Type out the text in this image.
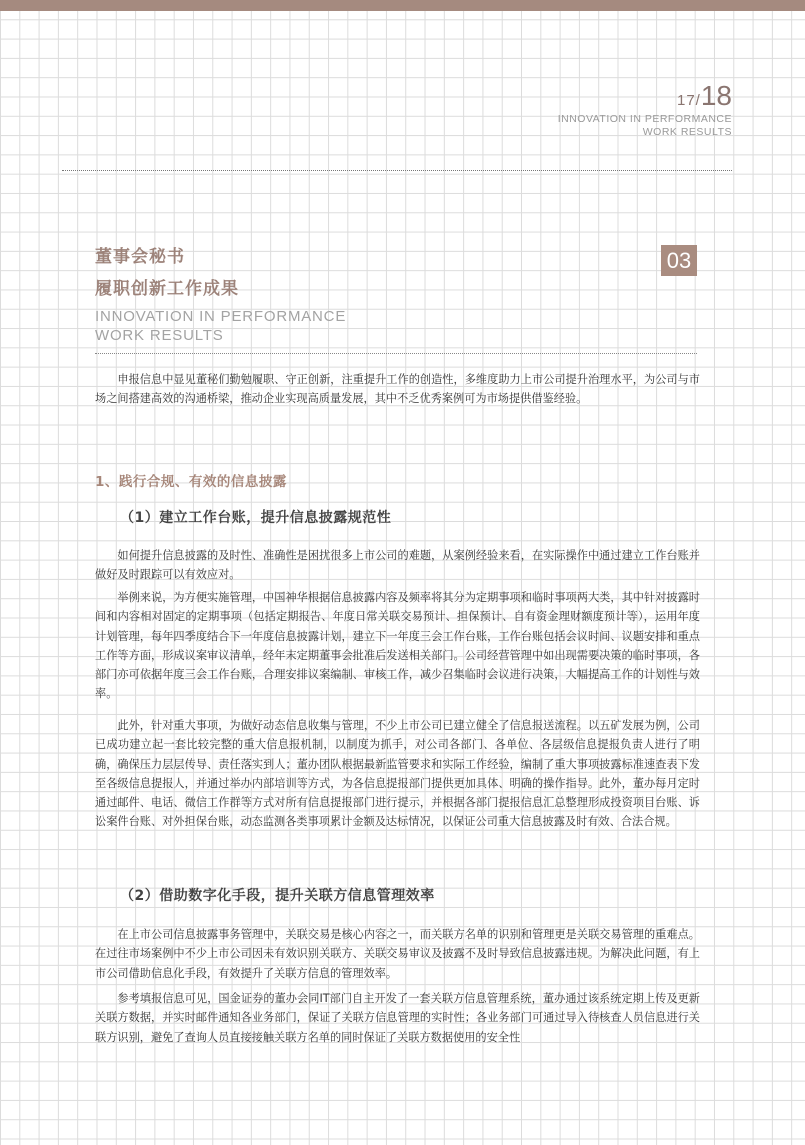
17/18
INNOVATION IN PERFORMANCE
WORK RESULTS
董事会秘书
履职创新工作成果
03
INNOVATION IN PERFORMANCE
WORK RESULTS

申报信息中显见董秘们勤勉履职、守正创新，注重提升工作的创造性，多维度助力上市公司提升治理水平，为公司与市场之间搭建高效的沟通桥梁，推动企业实现高质量发展，其中不乏优秀案例可为市场提供借鉴经验。

1、践行合规、有效的信息披露
（1）建立工作台账，提升信息披露规范性

如何提升信息披露的及时性、准确性是困扰很多上市公司的难题，从案例经验来看，在实际操作中通过建立工作台账并做好及时跟踪可以有效应对。

举例来说，为方便实施管理，中国神华根据信息披露内容及频率将其分为定期事项和临时事项两大类，其中针对披露时间和内容相对固定的定期事项（包括定期报告、年度日常关联交易预计、担保预计、自有资金理财额度预计等），运用年度计划管理，每年四季度结合下一年度信息披露计划，建立下一年度三会工作台账，工作台账包括会议时间、议题安排和重点工作等方面，形成议案审议清单，经年末定期董事会批准后发送相关部门。公司经营管理中如出现需要决策的临时事项，各部门亦可依据年度三会工作台账，合理安排议案编制、审核工作，减少召集临时会议进行决策，大幅提高工作的计划性与效率。

此外，针对重大事项，为做好动态信息收集与管理，不少上市公司已建立健全了信息报送流程。以五矿发展为例，公司已成功建立起一套比较完整的重大信息报机制，以制度为抓手，对公司各部门、各单位、各层级信息提报负责人进行了明确，确保压力层层传导、责任落实到人；董办团队根据最新监管要求和实际工作经验，编制了重大事项披露标准速查表下发至各级信息提报人，并通过举办内部培训等方式，为各信息提报部门提供更加具体、明确的操作指导。此外，董办每月定时通过邮件、电话、微信工作群等方式对所有信息提报部门进行提示，并根据各部门提报信息汇总整理形成投资项目台账、诉讼案件台账、对外担保台账，动态监测各类事项累计金额及达标情况，以保证公司重大信息披露及时有效、合法合规。

（2）借助数字化手段，提升关联方信息管理效率

在上市公司信息披露事务管理中，关联交易是核心内容之一，而关联方名单的识别和管理更是关联交易管理的重难点。在过往市场案例中不少上市公司因未有效识别关联方、关联交易审议及披露不及时导致信息披露违规。为解决此问题，有上市公司借助信息化手段，有效提升了关联方信息的管理效率。

参考填报信息可见，国金证券的董办会同IT部门自主开发了一套关联方信息管理系统，董办通过该系统定期上传及更新关联方数据，并实时邮件通知各业务部门，保证了关联方信息管理的实时性；各业务部门可通过导入待核查人员信息进行关联方识别，避免了查询人员直接接触关联方名单的同时保证了关联方数据使用的安全性
